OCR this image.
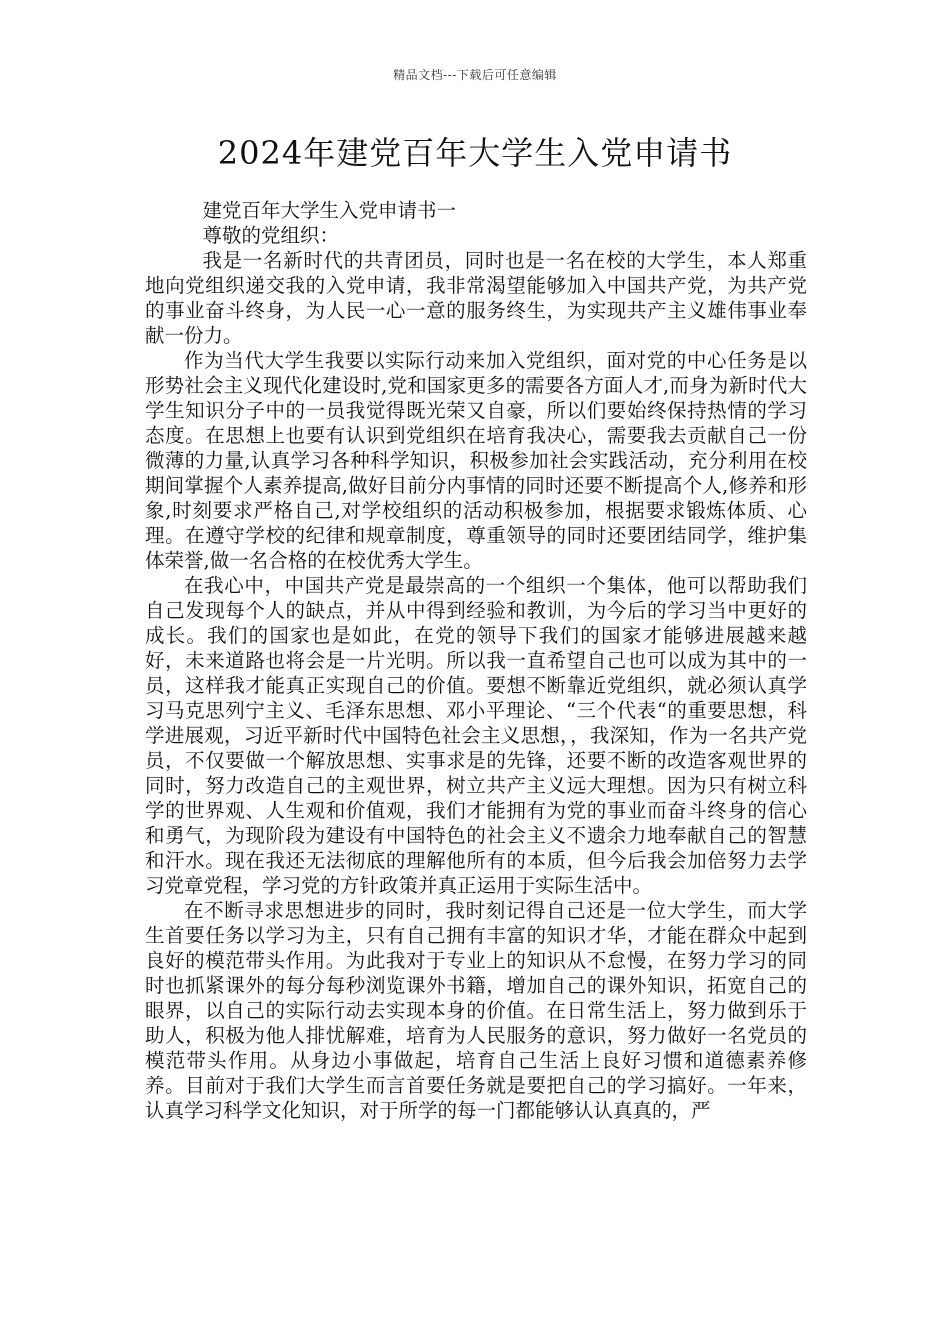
精品文档---下载后可任意编辑
2024年建党百年大学生入党申请书

建党百年大学生入党申请书一

尊敬的党组织：

我是一名新时代的共青团员，同时也是一名在校的大学生，本人郑重地向党组织递交我的入党申请，我非常渴望能够加入中国共产党，为共产党的事业奋斗终身，为人民一心一意的服务终生，为实现共产主义雄伟事业奉献一份力。

作为当代大学生我要以实际行动来加入党组织，面对党的中心任务是以形势社会主义现代化建设时,党和国家更多的需要各方面人才,而身为新时代大学生知识分子中的一员我觉得既光荣又自豪，所以们要始终保持热情的学习态度。在思想上也要有认识到党组织在培育我决心，需要我去贡献自己一份微薄的力量,认真学习各种科学知识，积极参加社会实践活动，充分利用在校期间掌握个人素养提高,做好目前分内事情的同时还要不断提高个人,修养和形象,时刻要求严格自己,对学校组织的活动积极参加，根据要求锻炼体质、心理。在遵守学校的纪律和规章制度，尊重领导的同时还要团结同学，维护集体荣誉,做一名合格的在校优秀大学生。

在我心中，中国共产党是最崇高的一个组织一个集体，他可以帮助我们自己发现每个人的缺点，并从中得到经验和教训，为今后的学习当中更好的成长。我们的国家也是如此，在党的领导下我们的国家才能够进展越来越好，未来道路也将会是一片光明。所以我一直希望自己也可以成为其中的一员，这样我才能真正实现自己的价值。要想不断靠近党组织，就必须认真学习马克思列宁主义、毛泽东思想、邓小平理论、“三个代表“的重要思想，科学进展观，习近平新时代中国特色社会主义思想，，我深知，作为一名共产党员，不仅要做一个解放思想、实事求是的先锋，还要不断的改造客观世界的同时，努力改造自己的主观世界，树立共产主义远大理想。因为只有树立科学的世界观、人生观和价值观，我们才能拥有为党的事业而奋斗终身的信心和勇气，为现阶段为建设有中国特色的社会主义不遗余力地奉献自己的智慧和汗水。现在我还无法彻底的理解他所有的本质，但今后我会加倍努力去学习党章党程，学习党的方针政策并真正运用于实际生活中。

在不断寻求思想进步的同时，我时刻记得自己还是一位大学生，而大学生首要任务以学习为主，只有自己拥有丰富的知识才华，才能在群众中起到良好的模范带头作用。为此我对于专业上的知识从不怠慢，在努力学习的同时也抓紧课外的每分每秒浏览课外书籍，增加自己的课外知识，拓宽自己的眼界，以自己的实际行动去实现本身的价值。在日常生活上，努力做到乐于助人，积极为他人排忧解难，培育为人民服务的意识，努力做好一名党员的模范带头作用。从身边小事做起，培育自己生活上良好习惯和道德素养修养。目前对于我们大学生而言首要任务就是要把自己的学习搞好。一年来，认真学习科学文化知识，对于所学的每一门都能够认认真真的，严
